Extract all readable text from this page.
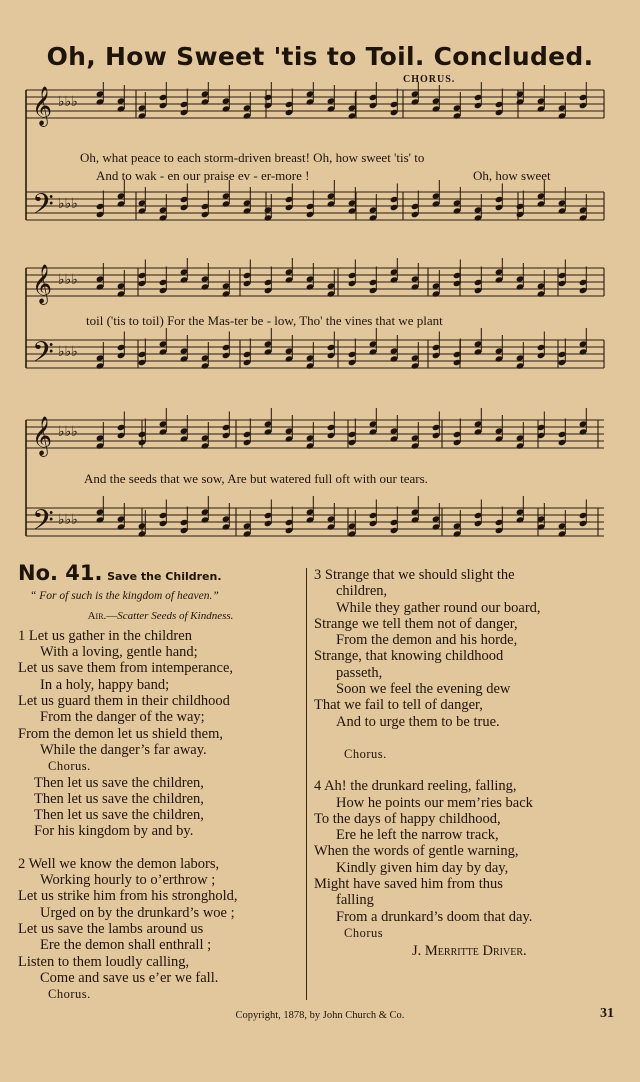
Oh, How Sweet 'tis to Toil. Concluded.
𝄞 ♭♭♭
𝄢 ♭♭♭
CHORUS.
Oh, what peace to each storm-driven breast! Oh, how sweet 'tis' to
And to wak - en our praise ev - er-more !	Oh, how sweet
𝄞 ♭♭♭
𝄢 ♭♭♭
toil ('tis to toil) For the Mas-ter be - low, Tho' the vines that we plant
𝄞 ♭♭♭
𝄢 ♭♭♭
And the seeds that we sow, Are but watered full oft with our tears.
No. 41. Save the Children.
“ For of such is the kingdom of heaven.”
Air.—Scatter Seeds of Kindness.
1 Let us gather in the children
With a loving, gentle hand;
Let us save them from intemperance,
In a holy, happy band;
Let us guard them in their childhood
From the danger of the way;
From the demon let us shield them,
While the danger’s far away.
Chorus.
Then let us save the children,
Then let us save the children,
Then let us save the children,
For his kingdom by and by.
2 Well we know the demon labors,
Working hourly to o’erthrow ;
Let us strike him from his stronghold,
Urged on by the drunkard’s woe ;
Let us save the lambs around us
Ere the demon shall enthrall ;
Listen to them loudly calling,
Come and save us e’er we fall.
Chorus.
3 Strange that we should slight the
children,
While they gather round our board,
Strange we tell them not of danger,
From the demon and his horde,
Strange, that knowing childhood
passeth,
Soon we feel the evening dew
That we fail to tell of danger,
And to urge them to be true.
Chorus.
4 Ah! the drunkard reeling, falling,
How he points our mem’ries back
To the days of happy childhood,
Ere he left the narrow track,
When the words of gentle warning,
Kindly given him day by day,
Might have saved him from thus
falling
From a drunkard’s doom that day.
Chorus
J. Merritte Driver.
Copyright, 1878, by John Church & Co.	31
